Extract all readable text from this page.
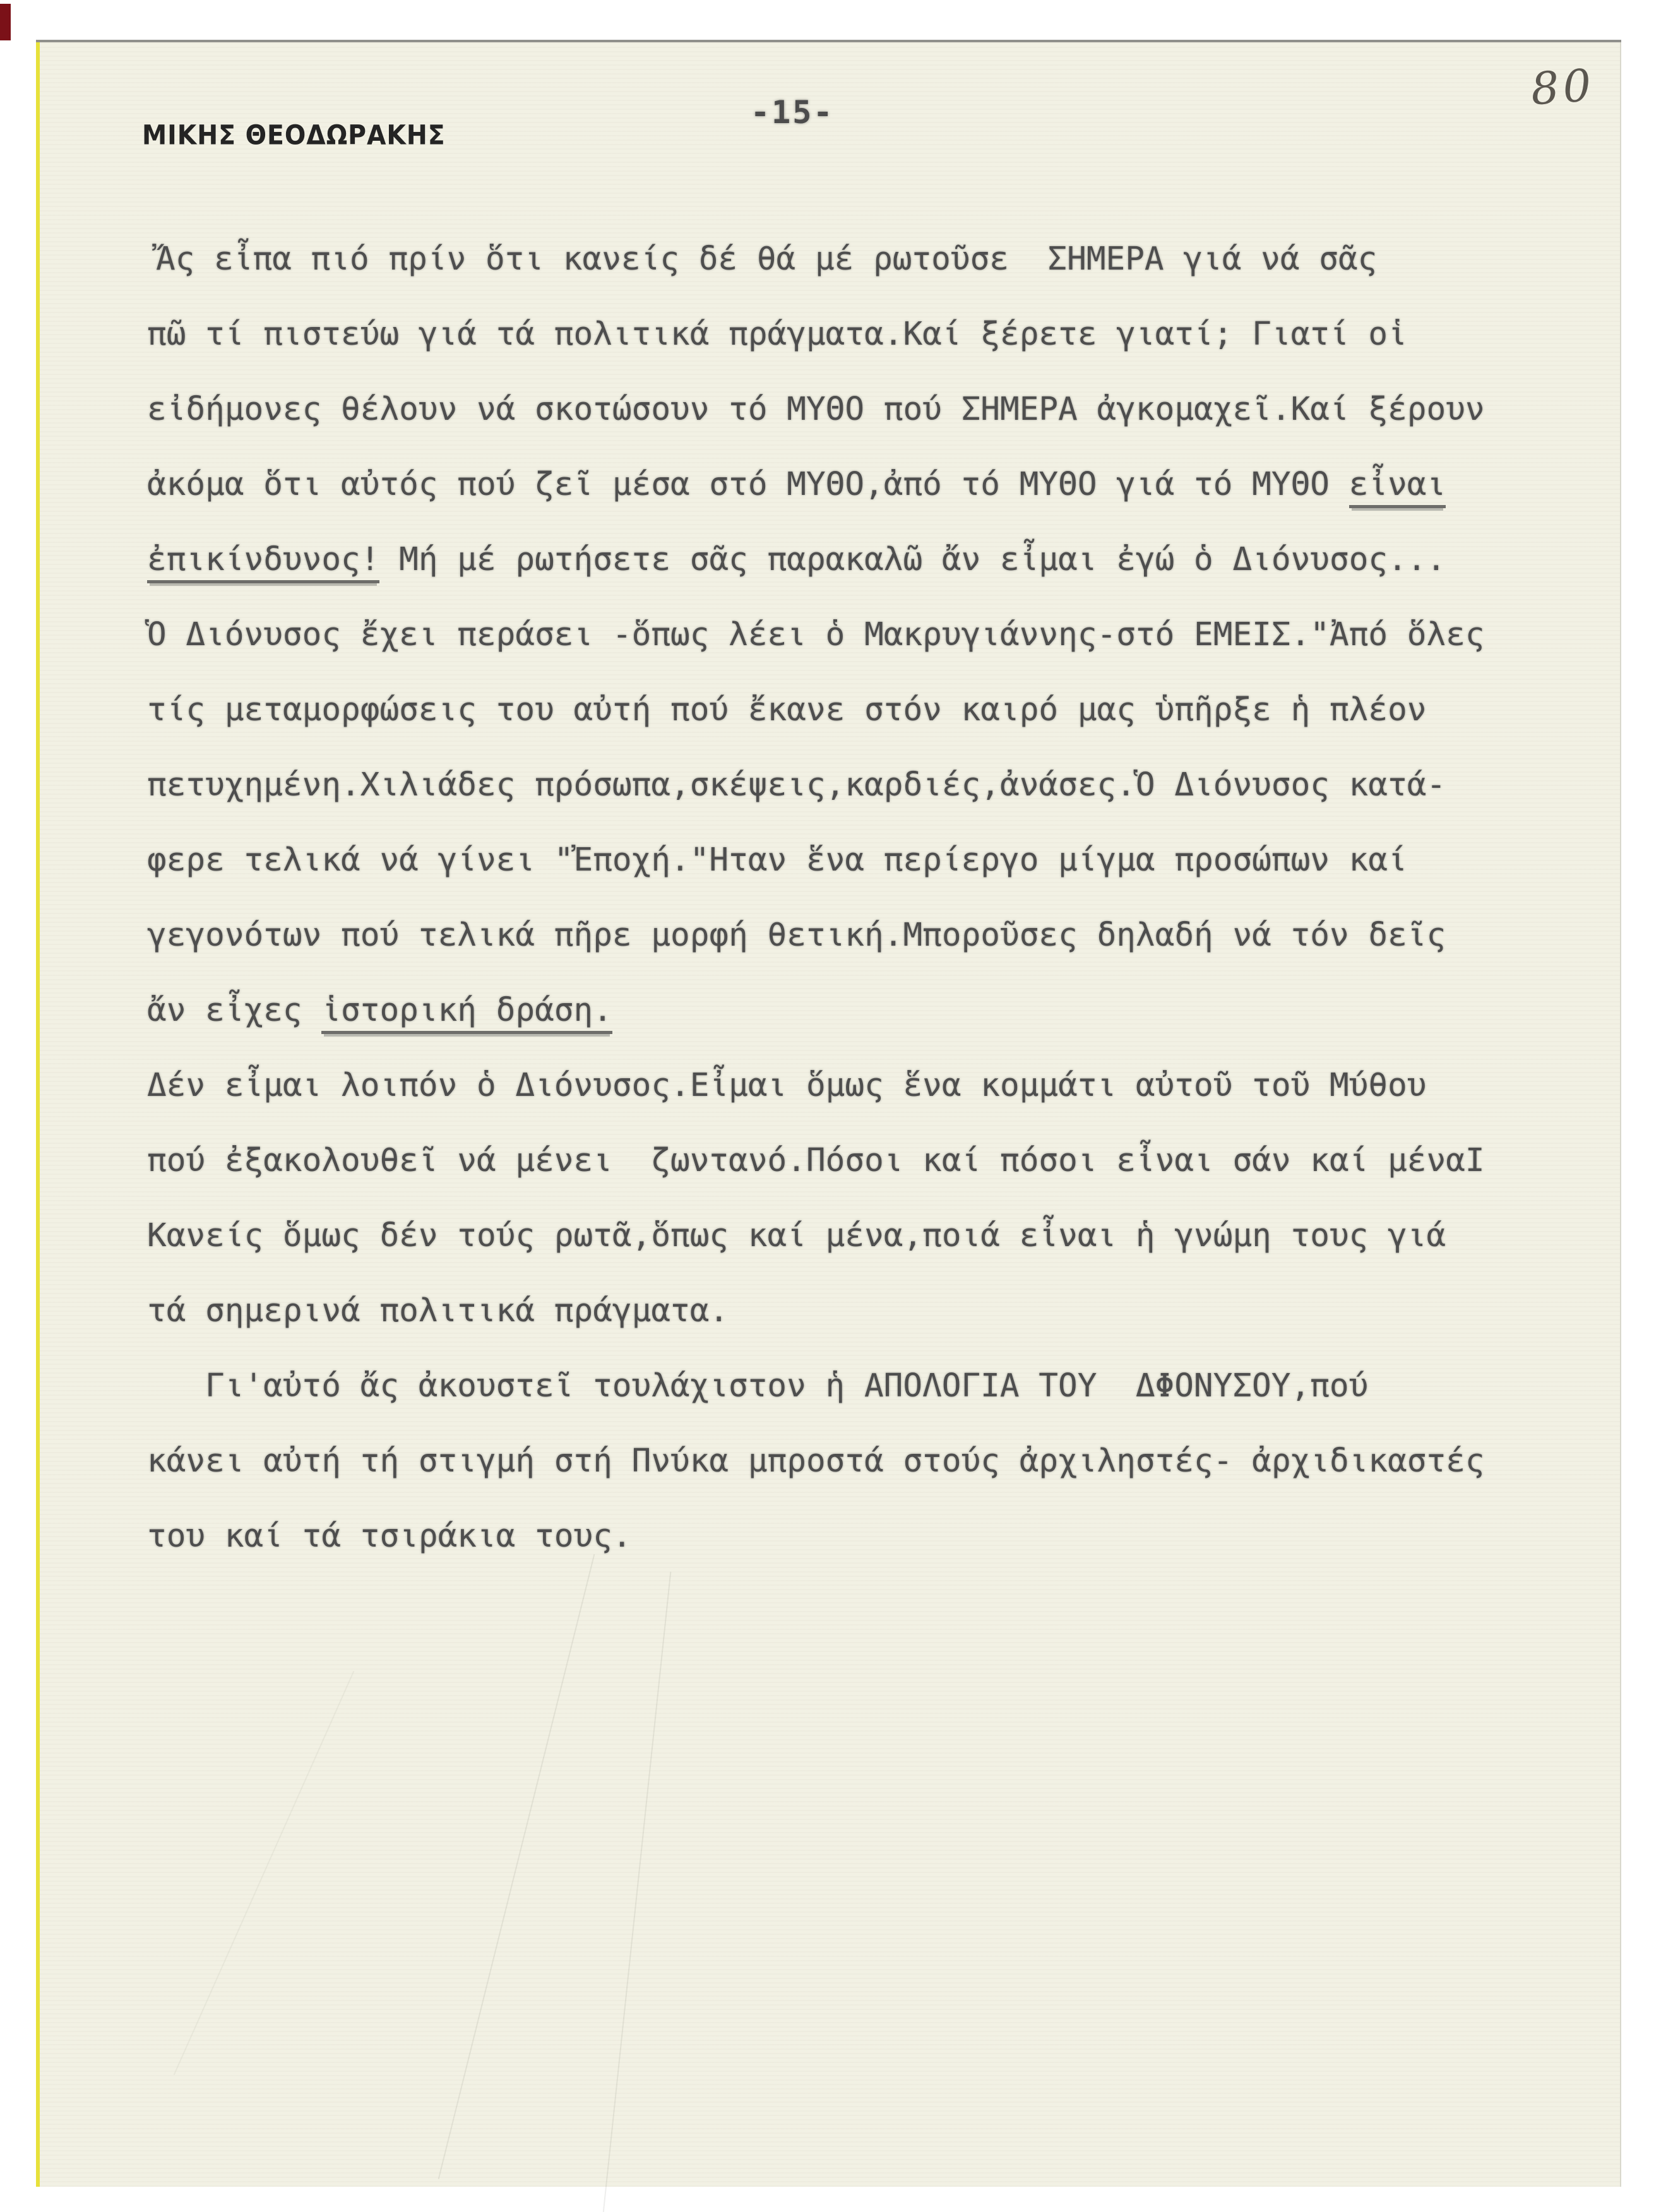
80
-15-
ΜΙΚΗΣ ΘΕΟΔΩΡΑΚΗΣ
Ἄς εἶπα πιό πρίν ὅτι κανείς δέ θά μέ ρωτοῦσε  ΣΗΜΕΡΑ γιά νά σᾶς
πῶ τί πιστεύω γιά τά πολιτικά πράγματα.Καί ξέρετε γιατί; Γιατί οἱ
εἰδήμονες θέλουν νά σκοτώσουν τό ΜΥΘΟ πού ΣΗΜΕΡΑ ἀγκομαχεῖ.Καί ξέρουν
ἀκόμα ὅτι αὐτός πού ζεῖ μέσα στό ΜΥΘΟ,ἀπό τό ΜΥΘΟ γιά τό ΜΥΘΟ εἶναι
ἐπικίνδυνος! Μή μέ ρωτήσετε σᾶς παρακαλῶ ἄν εἶμαι ἐγώ ὁ Διόνυσος...
Ὁ Διόνυσος ἔχει περάσει -ὅπως λέει ὁ Μακρυγιάννης-στό ΕΜΕΙΣ."Ἀπό ὅλες
τίς μεταμορφώσεις του αὐτή πού ἔκανε στόν καιρό μας ὑπῆρξε ἡ πλέον
πετυχημένη.Χιλιάδες πρόσωπα,σκέψεις,καρδιές,ἀνάσες.Ὁ Διόνυσος κατά-
φερε τελικά νά γίνει "Ἐποχή."Ηταν ἕνα περίεργο μίγμα προσώπων καί
γεγονότων πού τελικά πῆρε μορφή θετική.Μποροῦσες δηλαδή νά τόν δεῖς
ἄν εἶχες ἱστορική δράση.
Δέν εἶμαι λοιπόν ὁ Διόνυσος.Εἶμαι ὅμως ἕνα κομμάτι αὐτοῦ τοῦ Μύθου
πού ἐξακολουθεῖ νά μένει  ζωντανό.Πόσοι καί πόσοι εἶναι σάν καί μέναΙ
Κανείς ὅμως δέν τούς ρωτᾶ,ὅπως καί μένα,ποιά εἶναι ἡ γνώμη τους γιά
τά σημερινά πολιτικά πράγματα.
Γι'αὐτό ἄς ἀκουστεῖ τουλάχιστον ἡ ΑΠΟΛΟΓΙΑ ΤΟΥ  ΔΦΟΝΥΣΟΥ,πού
κάνει αὐτή τή στιγμή στή Πνύκα μπροστά στούς ἀρχιληστές- ἀρχιδικαστές
του καί τά τσιράκια τους.
